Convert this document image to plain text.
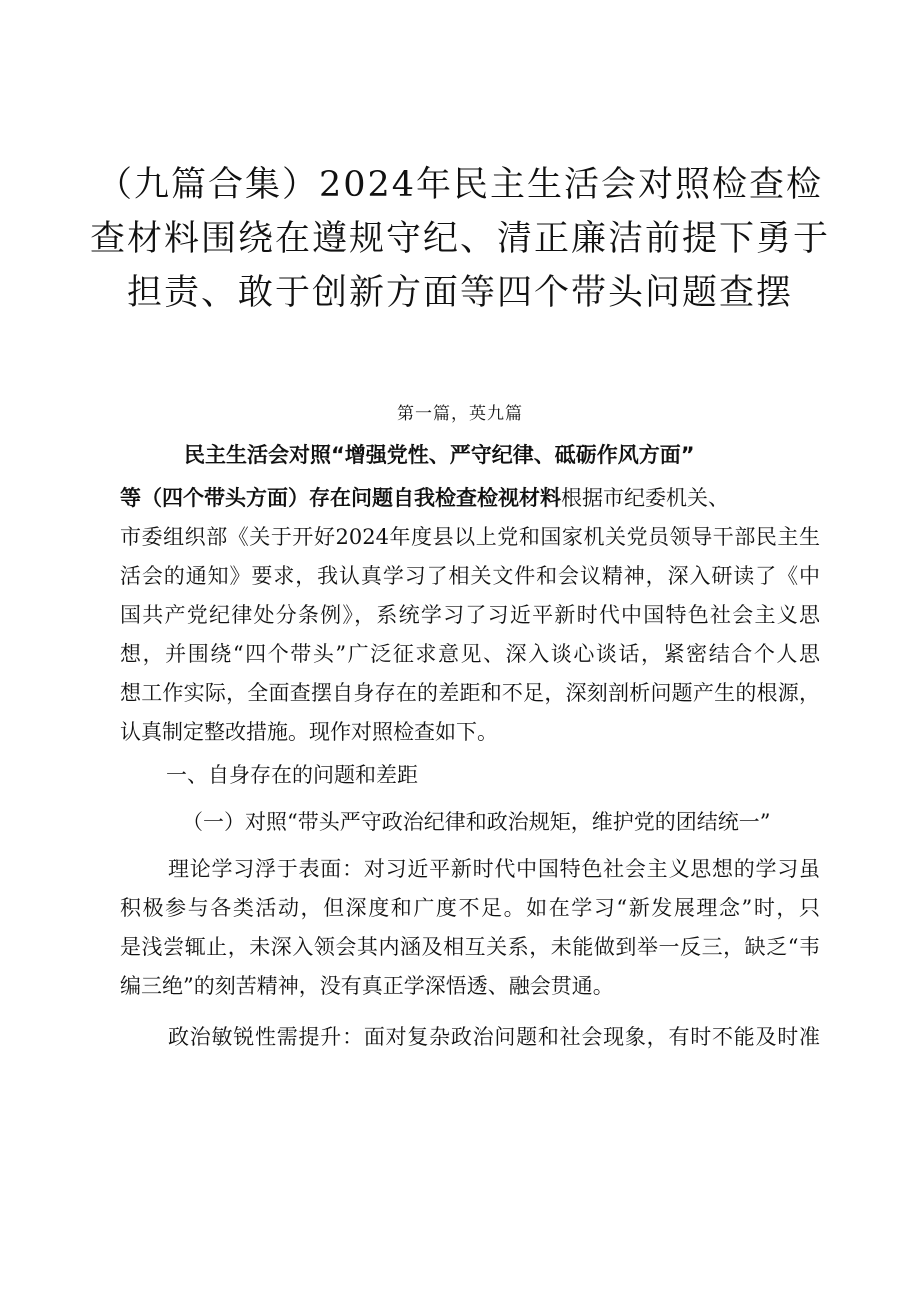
（九篇合集）2024年民主生活会对照检查检
查材料围绕在遵规守纪、清正廉洁前提下勇于
担责、敢于创新方面等四个带头问题查摆
第一篇，英九篇
民主生活会对照“增强党性、严守纪律、砥砺作风方面”
等（四个带头方面）存在问题自我检查检视材料根据市纪委机关、
市委组织部《关于开好2024年度县以上党和国家机关党员领导干部民主生
活会的通知》要求，我认真学习了相关文件和会议精神，深入研读了《中
国共产党纪律处分条例》，系统学习了习近平新时代中国特色社会主义思
想，并围绕“四个带头”广泛征求意见、深入谈心谈话，紧密结合个人思
想工作实际，全面查摆自身存在的差距和不足，深刻剖析问题产生的根源，
认真制定整改措施。现作对照检查如下。
一、自身存在的问题和差距
（一）对照“带头严守政治纪律和政治规矩，维护党的团结统一”
理论学习浮于表面：对习近平新时代中国特色社会主义思想的学习虽
积极参与各类活动，但深度和广度不足。如在学习“新发展理念”时，只
是浅尝辄止，未深入领会其内涵及相互关系，未能做到举一反三，缺乏“韦
编三绝”的刻苦精神，没有真正学深悟透、融会贯通。
政治敏锐性需提升：面对复杂政治问题和社会现象，有时不能及时准
